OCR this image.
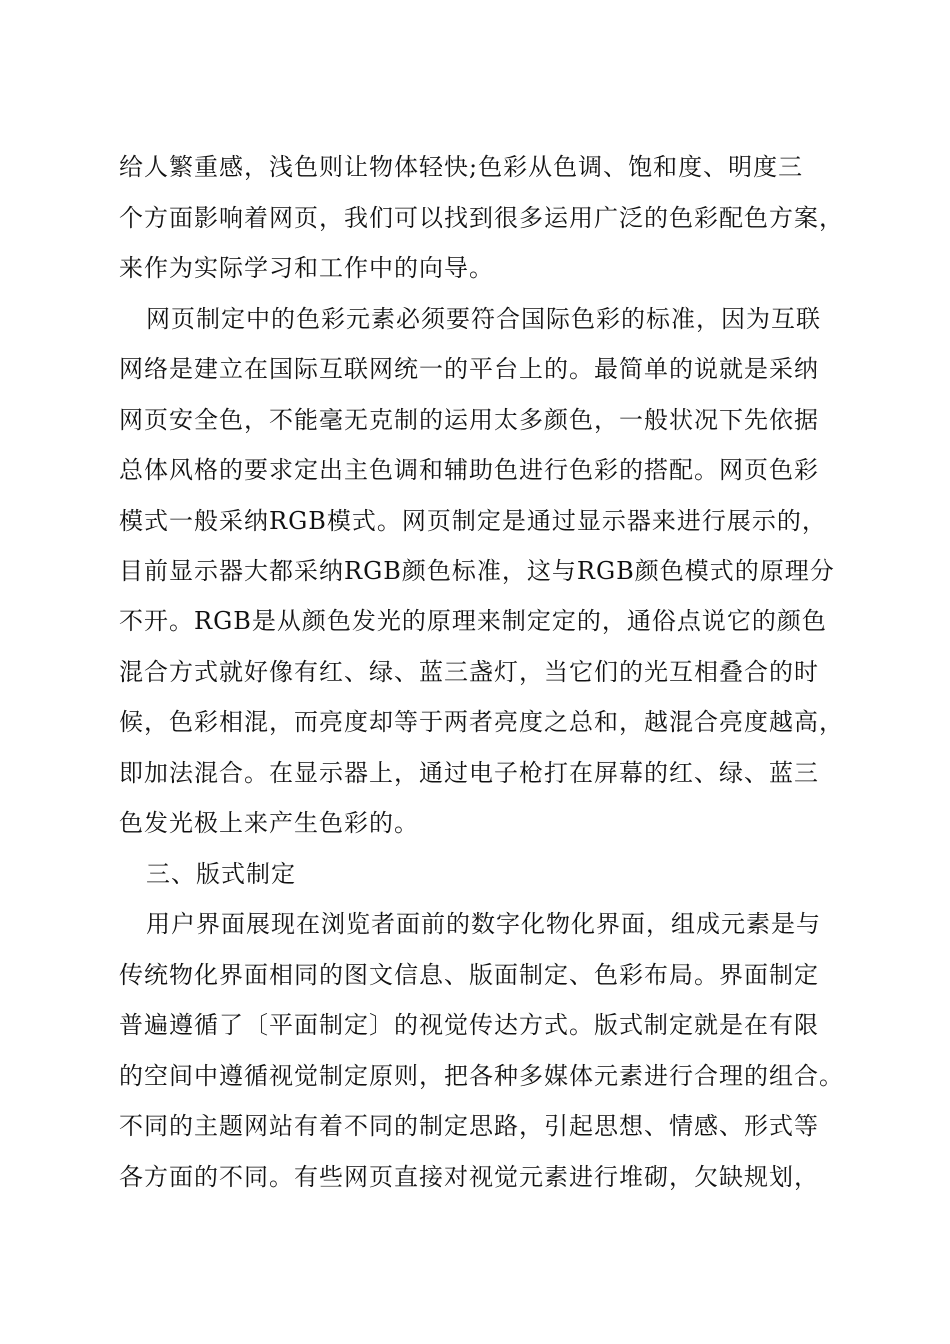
给人繁重感，浅色则让物体轻快;色彩从色调、饱和度、明度三
个方面影响着网页，我们可以找到很多运用广泛的色彩配色方案，
来作为实际学习和工作中的向导。
网页制定中的色彩元素必须要符合国际色彩的标准，因为互联
网络是建立在国际互联网统一的平台上的。最简单的说就是采纳
网页安全色，不能毫无克制的运用太多颜色，一般状况下先依据
总体风格的要求定出主色调和辅助色进行色彩的搭配。网页色彩
模式一般采纳RGB模式。网页制定是通过显示器来进行展示的，
目前显示器大都采纳RGB颜色标准，这与RGB颜色模式的原理分
不开。RGB是从颜色发光的原理来制定定的，通俗点说它的颜色
混合方式就好像有红、绿、蓝三盏灯，当它们的光互相叠合的时
候，色彩相混，而亮度却等于两者亮度之总和，越混合亮度越高，
即加法混合。在显示器上，通过电子枪打在屏幕的红、绿、蓝三
色发光极上来产生色彩的。
三、版式制定
用户界面展现在浏览者面前的数字化物化界面，组成元素是与
传统物化界面相同的图文信息、版面制定、色彩布局。界面制定
普遍遵循了〔平面制定〕的视觉传达方式。版式制定就是在有限
的空间中遵循视觉制定原则，把各种多媒体元素进行合理的组合。
不同的主题网站有着不同的制定思路，引起思想、情感、形式等
各方面的不同。有些网页直接对视觉元素进行堆砌，欠缺规划，
